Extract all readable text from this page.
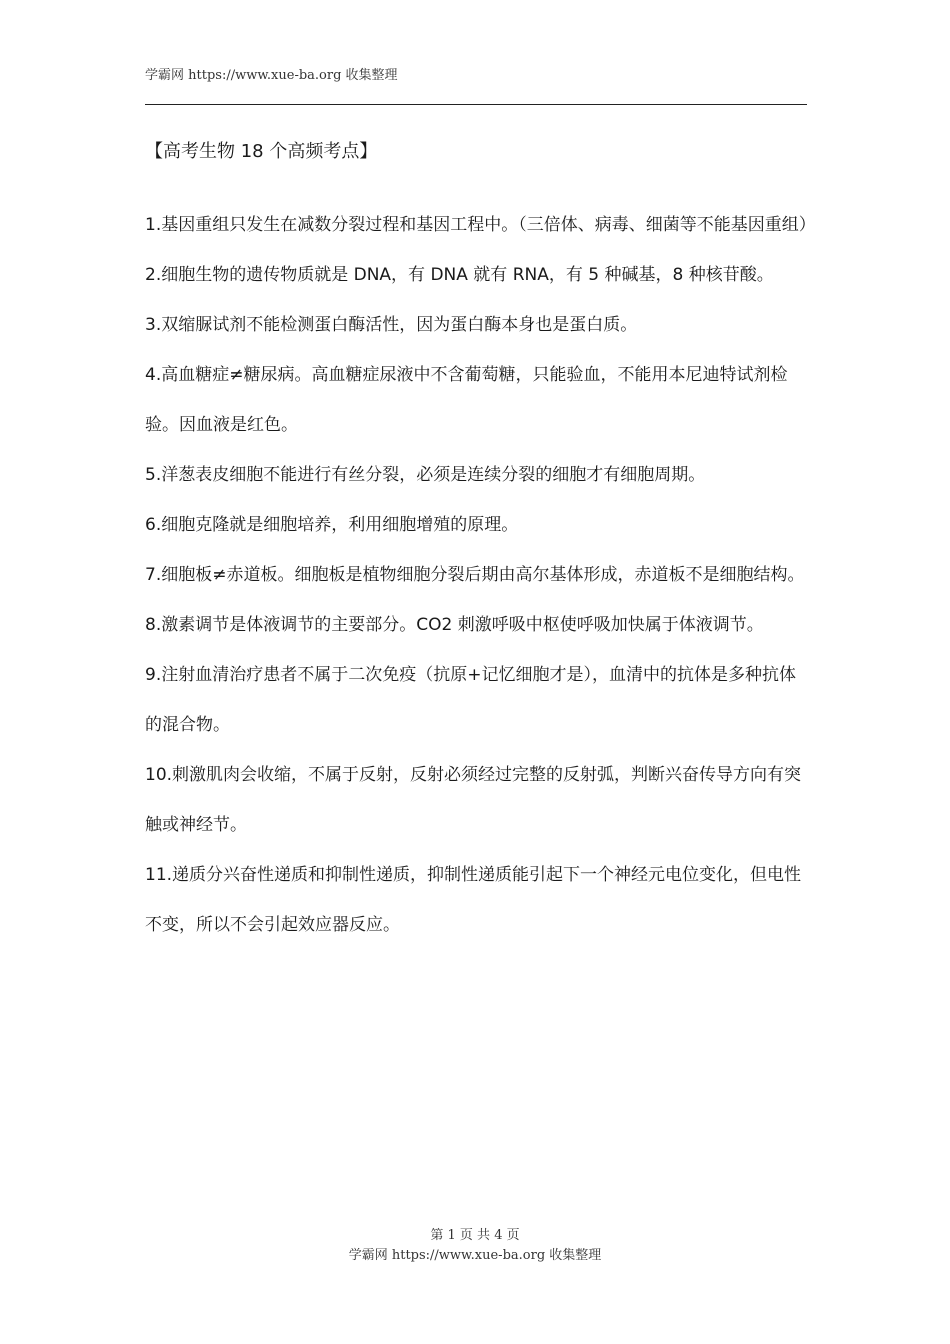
学霸网 https://www.xue-ba.org 收集整理
【高考生物 18 个高频考点】

1.基因重组只发生在减数分裂过程和基因工程中。（三倍体、病毒、细菌等不能基因重组）

2.细胞生物的遗传物质就是 DNA，有 DNA 就有 RNA，有 5 种碱基，8 种核苷酸。

3.双缩脲试剂不能检测蛋白酶活性，因为蛋白酶本身也是蛋白质。

4.高血糖症≠糖尿病。高血糖症尿液中不含葡萄糖，只能验血，不能用本尼迪特试剂检验。因血液是红色。

5.洋葱表皮细胞不能进行有丝分裂，必须是连续分裂的细胞才有细胞周期。

6.细胞克隆就是细胞培养，利用细胞增殖的原理。

7.细胞板≠赤道板。细胞板是植物细胞分裂后期由高尔基体形成，赤道板不是细胞结构。

8.激素调节是体液调节的主要部分。CO2 刺激呼吸中枢使呼吸加快属于体液调节。

9.注射血清治疗患者不属于二次免疫（抗原+记忆细胞才是），血清中的抗体是多种抗体的混合物。

10.刺激肌肉会收缩，不属于反射，反射必须经过完整的反射弧，判断兴奋传导方向有突触或神经节。

11.递质分兴奋性递质和抑制性递质，抑制性递质能引起下一个神经元电位变化，但电性不变，所以不会引起效应器反应。

第 1 页 共 4 页
学霸网 https://www.xue-ba.org 收集整理
